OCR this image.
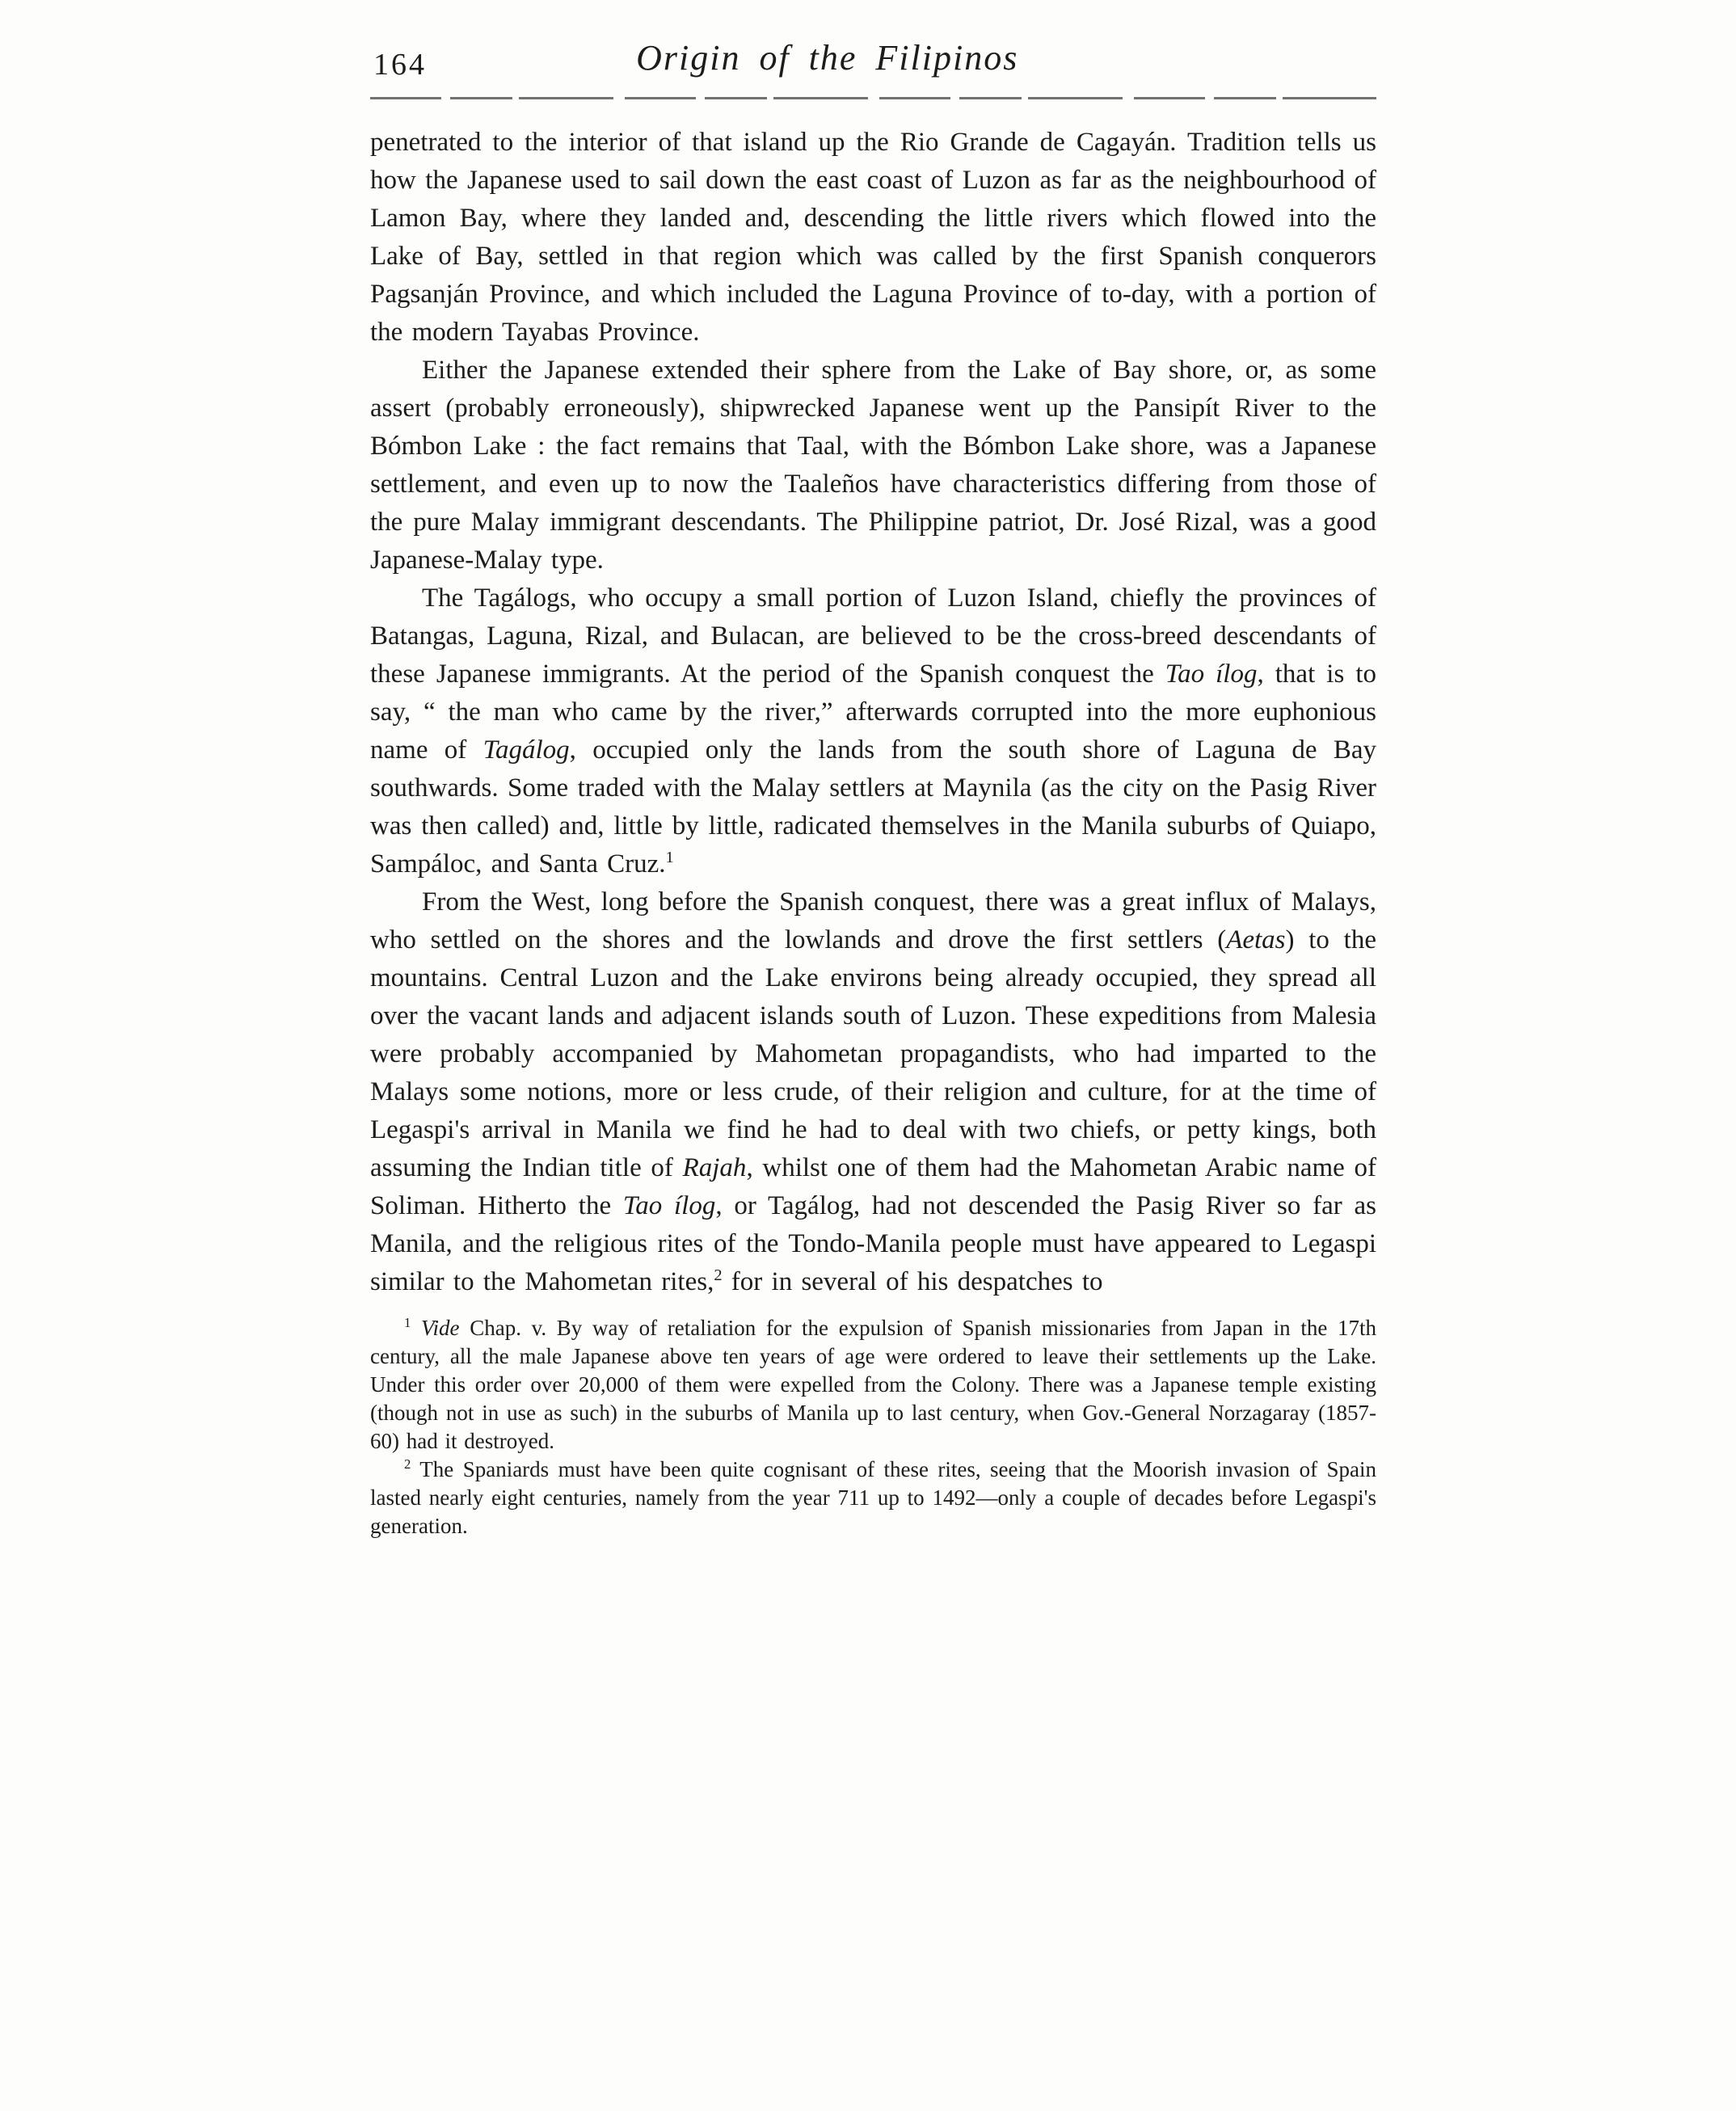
164	Origin of the Filipinos

penetrated to the interior of that island up the Rio Grande de Cagayán. Tradition tells us how the Japanese used to sail down the east coast of Luzon as far as the neighbourhood of Lamon Bay, where they landed and, descending the little rivers which flowed into the Lake of Bay, settled in that region which was called by the first Spanish conquerors Pagsanján Province, and which included the Laguna Province of to-day, with a portion of the modern Tayabas Province.

Either the Japanese extended their sphere from the Lake of Bay shore, or, as some assert (probably erroneously), shipwrecked Japanese went up the Pansipít River to the Bómbon Lake : the fact remains that Taal, with the Bómbon Lake shore, was a Japanese settlement, and even up to now the Taaleños have characteristics differing from those of the pure Malay immigrant descendants. The Philippine patriot, Dr. José Rizal, was a good Japanese-Malay type.

The Tagálogs, who occupy a small portion of Luzon Island, chiefly the provinces of Batangas, Laguna, Rizal, and Bulacan, are believed to be the cross-breed descendants of these Japanese immigrants. At the period of the Spanish conquest the Tao ílog, that is to say, “ the man who came by the river,” afterwards corrupted into the more euphonious name of Tagálog, occupied only the lands from the south shore of Laguna de Bay southwards. Some traded with the Malay settlers at Maynila (as the city on the Pasig River was then called) and, little by little, radicated themselves in the Manila suburbs of Quiapo, Sampáloc, and Santa Cruz.$^1$

From the West, long before the Spanish conquest, there was a great influx of Malays, who settled on the shores and the lowlands and drove the first settlers (Aetas) to the mountains. Central Luzon and the Lake environs being already occupied, they spread all over the vacant lands and adjacent islands south of Luzon. These expeditions from Malesia were probably accompanied by Mahometan propagandists, who had imparted to the Malays some notions, more or less crude, of their religion and culture, for at the time of Legaspi's arrival in Manila we find he had to deal with two chiefs, or petty kings, both assuming the Indian title of Rajah, whilst one of them had the Mahometan Arabic name of Soliman. Hitherto the Tao ílog, or Tagálog, had not descended the Pasig River so far as Manila, and the religious rites of the Tondo-Manila people must have appeared to Legaspi similar to the Mahometan rites,$^2$ for in several of his despatches to

$^1$ Vide Chap. v. By way of retaliation for the expulsion of Spanish missionaries from Japan in the 17th century, all the male Japanese above ten years of age were ordered to leave their settlements up the Lake. Under this order over 20,000 of them were expelled from the Colony. There was a Japanese temple existing (though not in use as such) in the suburbs of Manila up to last century, when Gov.-General Norzagaray (1857-60) had it destroyed.

$^2$ The Spaniards must have been quite cognisant of these rites, seeing that the Moorish invasion of Spain lasted nearly eight centuries, namely from the year 711 up to 1492—only a couple of decades before Legaspi's generation.
